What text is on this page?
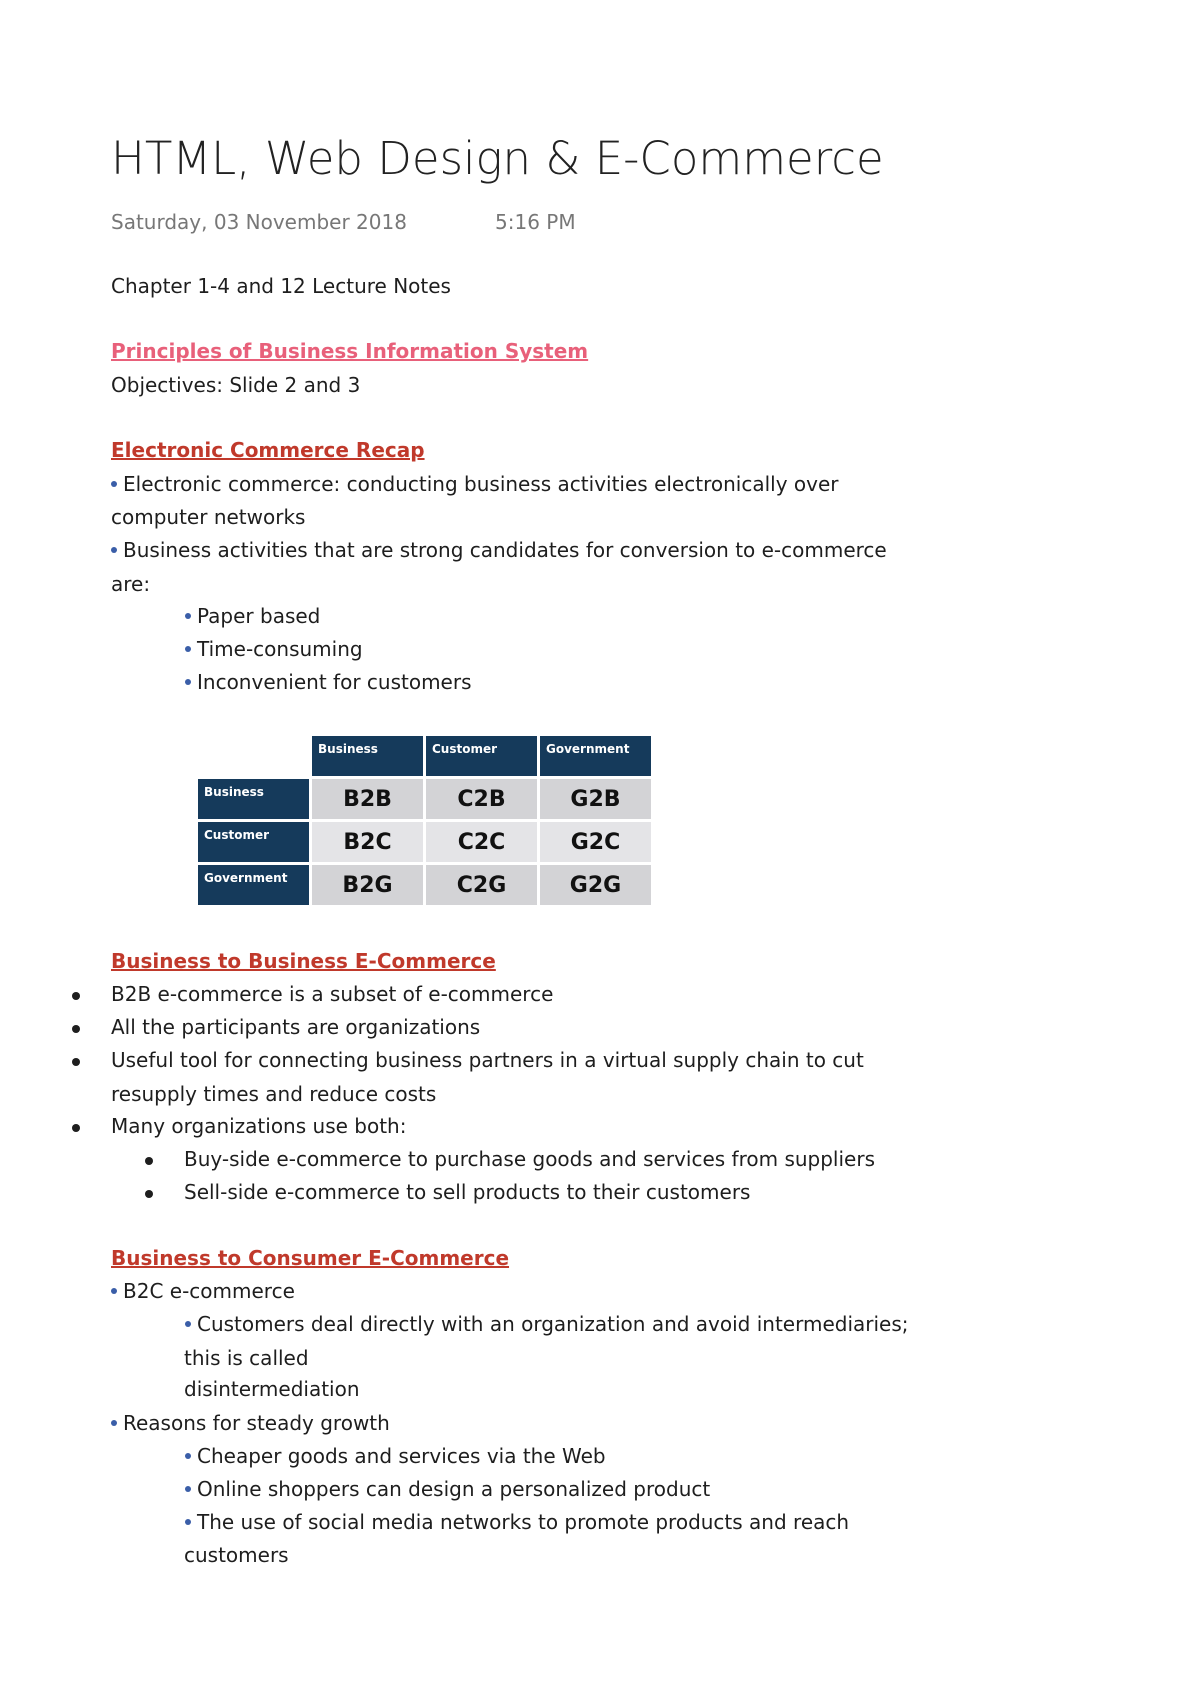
HTML, Web Design & E-Commerce
Saturday, 03 November 2018	5:16 PM
Chapter 1-4 and 12 Lecture Notes
Principles of Business Information System
Objectives: Slide 2 and 3
Electronic Commerce Recap
Electronic commerce: conducting business activities electronically over
computer networks
Business activities that are strong candidates for conversion to e-commerce
are:
Paper based
Time-consuming
Inconvenient for customers
	Business	Customer	Government
Business	B2B	C2B	G2B
Customer	B2C	C2C	G2C
Government	B2G	C2G	G2G
Business to Business E-Commerce
B2B e-commerce is a subset of e-commerce
All the participants are organizations
Useful tool for connecting business partners in a virtual supply chain to cut
resupply times and reduce costs
Many organizations use both:
Buy-side e-commerce to purchase goods and services from suppliers
Sell-side e-commerce to sell products to their customers
Business to Consumer E-Commerce
B2C e-commerce
Customers deal directly with an organization and avoid intermediaries;
this is called
disintermediation
Reasons for steady growth
Cheaper goods and services via the Web
Online shoppers can design a personalized product
The use of social media networks to promote products and reach
customers
